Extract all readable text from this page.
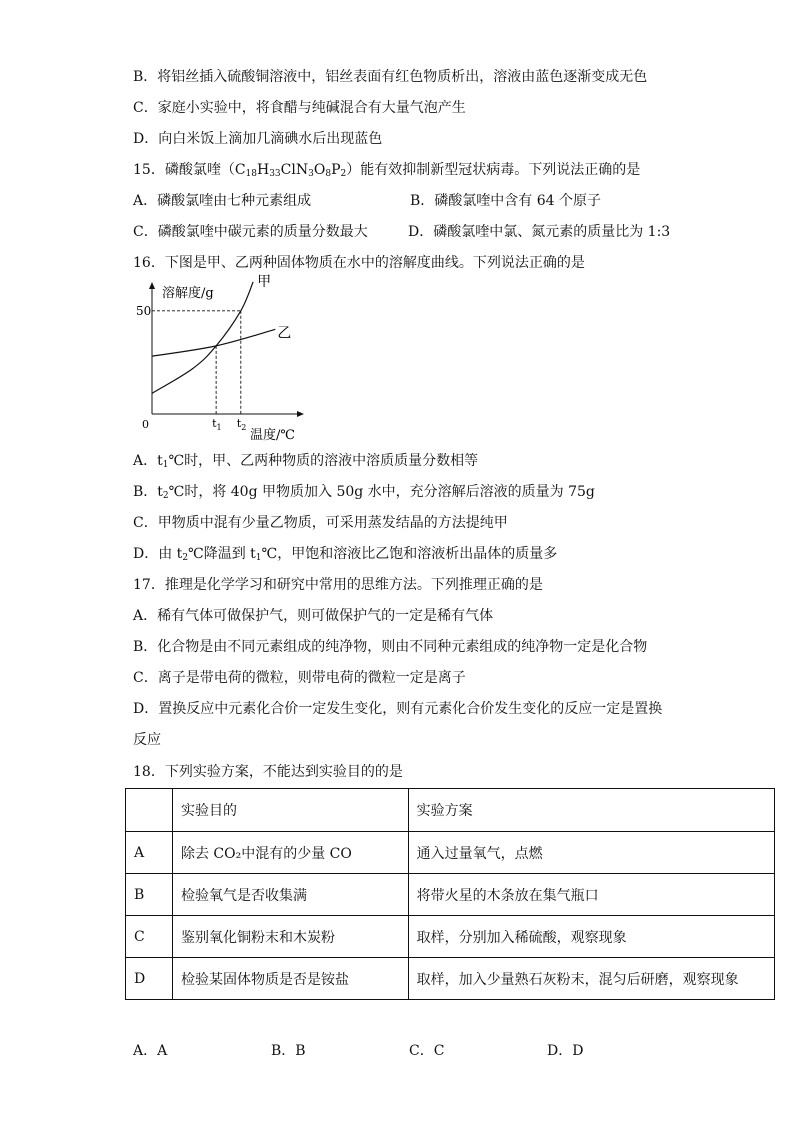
B．将铝丝插入硫酸铜溶液中，铝丝表面有红色物质析出，溶液由蓝色逐渐变成无色
C．家庭小实验中，将食醋与纯碱混合有大量气泡产生
D．向白米饭上滴加几滴碘水后出现蓝色
15．磷酸氯喹$(C_{18}H_{33}ClN_3O_8P_2)$能有效抑制新型冠状病毒。下列说法正确的是
A．磷酸氯喹由七种元素组成	B．磷酸氯喹中含有 64 个原子
C．磷酸氯喹中碳元素的质量分数最大	D．磷酸氯喹中氯、氮元素的质量比为 1:3
16．下图是甲、乙两种固体物质在水中的溶解度曲线。下列说法正确的是
溶解度/g
0
50
甲
乙
$t_1$ $t_2$
温度/℃
A．$t_1℃$时，甲、乙两种物质的溶液中溶质质量分数相等
B．$t_2℃$时，将 40g 甲物质加入 50g 水中，充分溶解后溶液的质量为 75g
C．甲物质中混有少量乙物质，可采用蒸发结晶的方法提纯甲
D．由 $t_2℃$降温到 $t_1℃$，甲饱和溶液比乙饱和溶液析出晶体的质量多
17．推理是化学学习和研究中常用的思维方法。下列推理正确的是
A．稀有气体可做保护气，则可做保护气的一定是稀有气体
B．化合物是由不同元素组成的纯净物，则由不同种元素组成的纯净物一定是化合物
C．离子是带电荷的微粒，则带电荷的微粒一定是离子
D．置换反应中元素化合价一定发生变化，则有元素化合价发生变化的反应一定是置换
反应
18．下列实验方案，不能达到实验目的的是
	实验目的	实验方案
A	除去 CO₂中混有的少量 CO	通入过量氧气，点燃
B	检验氧气是否收集满	将带火星的木条放在集气瓶口
C	鉴别氧化铜粉末和木炭粉	取样，分别加入稀硫酸，观察现象
D	检验某固体物质是否是铵盐	取样，加入少量熟石灰粉末，混匀后研磨，观察现象
A．A	B．B	C．C	D．D
